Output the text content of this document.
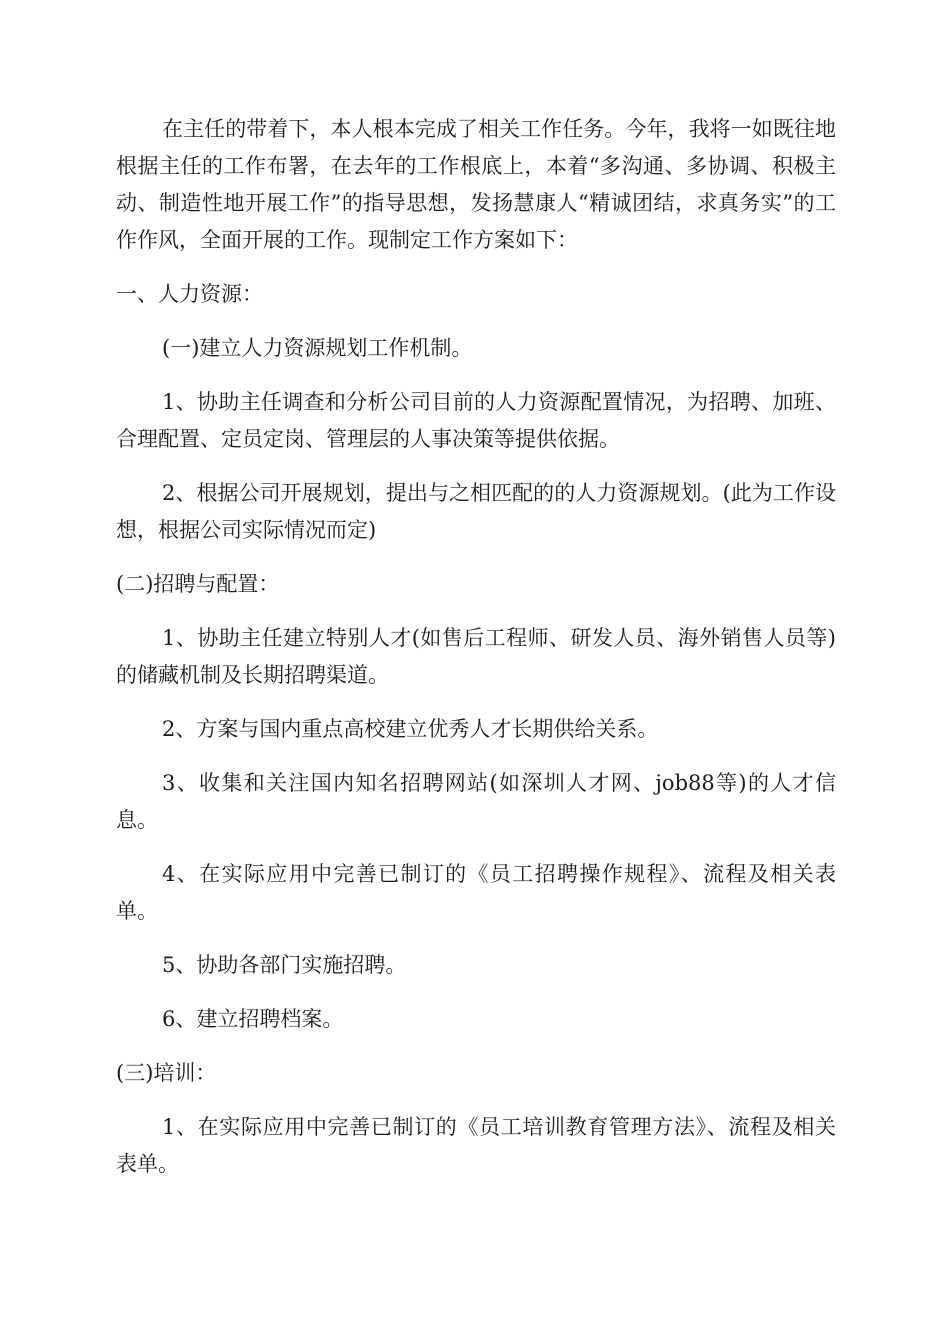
在主任的带着下，本人根本完成了相关工作任务。今年，我将一如既往地根据主任的工作布署，在去年的工作根底上，本着“多沟通、多协调、积极主动、制造性地开展工作”的指导思想，发扬慧康人“精诚团结，求真务实”的工作作风，全面开展的工作。现制定工作方案如下：

一、人力资源：

(一)建立人力资源规划工作机制。

1、协助主任调查和分析公司目前的人力资源配置情况，为招聘、加班、合理配置、定员定岗、管理层的人事决策等提供依据。

2、根据公司开展规划，提出与之相匹配的的人力资源规划。(此为工作设想，根据公司实际情况而定)

(二)招聘与配置：

1、协助主任建立特别人才(如售后工程师、研发人员、海外销售人员等)的储藏机制及长期招聘渠道。

2、方案与国内重点高校建立优秀人才长期供给关系。

3、收集和关注国内知名招聘网站(如深圳人才网、job88等)的人才信息。

4、在实际应用中完善已制订的《员工招聘操作规程》、流程及相关表单。

5、协助各部门实施招聘。

6、建立招聘档案。

(三)培训：

1、在实际应用中完善已制订的《员工培训教育管理方法》、流程及相关表单。
